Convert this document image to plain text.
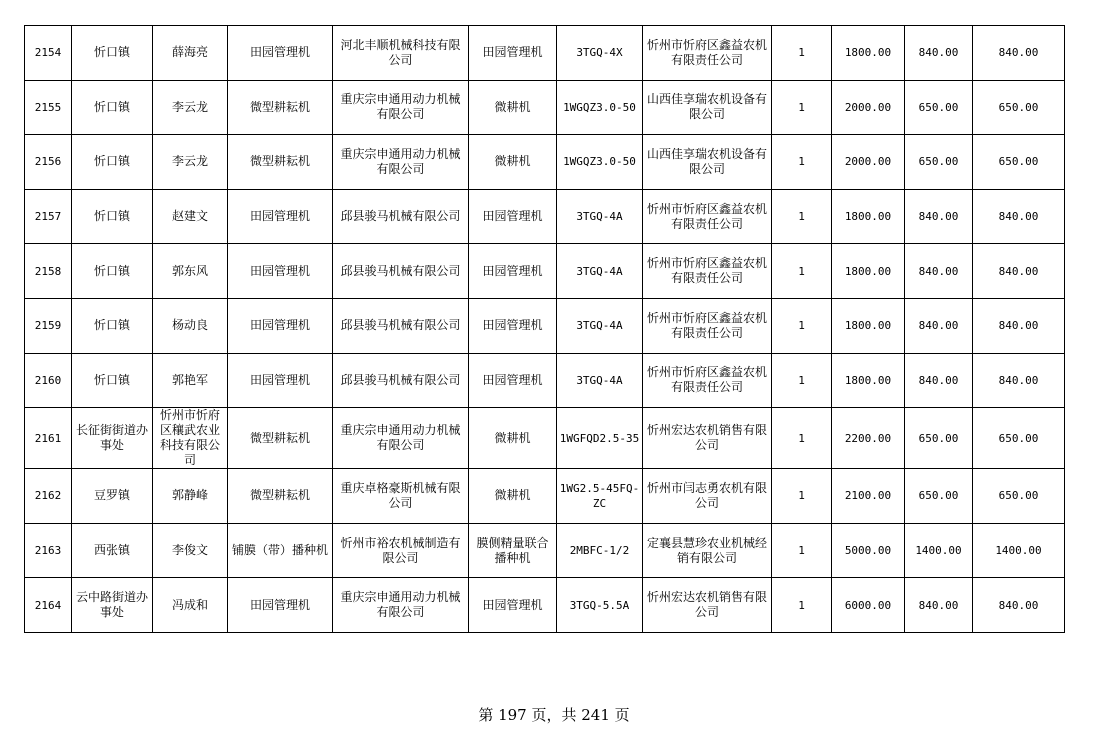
2154	忻口镇	薛海亮	田园管理机	河北丰顺机械科技有限公司	田园管理机	3TGQ-4X	忻州市忻府区鑫益农机有限责任公司	1	1800.00	840.00	840.00
2155	忻口镇	李云龙	微型耕耘机	重庆宗申通用动力机械有限公司	微耕机	1WGQZ3.0-50	山西佳享瑞农机设备有限公司	1	2000.00	650.00	650.00
2156	忻口镇	李云龙	微型耕耘机	重庆宗申通用动力机械有限公司	微耕机	1WGQZ3.0-50	山西佳享瑞农机设备有限公司	1	2000.00	650.00	650.00
2157	忻口镇	赵建文	田园管理机	邱县骏马机械有限公司	田园管理机	3TGQ-4A	忻州市忻府区鑫益农机有限责任公司	1	1800.00	840.00	840.00
2158	忻口镇	郭东风	田园管理机	邱县骏马机械有限公司	田园管理机	3TGQ-4A	忻州市忻府区鑫益农机有限责任公司	1	1800.00	840.00	840.00
2159	忻口镇	杨动良	田园管理机	邱县骏马机械有限公司	田园管理机	3TGQ-4A	忻州市忻府区鑫益农机有限责任公司	1	1800.00	840.00	840.00
2160	忻口镇	郭艳军	田园管理机	邱县骏马机械有限公司	田园管理机	3TGQ-4A	忻州市忻府区鑫益农机有限责任公司	1	1800.00	840.00	840.00
2161	长征街街道办事处	忻州市忻府区穰武农业科技有限公司	微型耕耘机	重庆宗申通用动力机械有限公司	微耕机	1WGFQD2.5-35	忻州宏达农机销售有限公司	1	2200.00	650.00	650.00
2162	豆罗镇	郭静峰	微型耕耘机	重庆卓格豪斯机械有限公司	微耕机	1WG2.5-45FQ-ZC	忻州市闫志勇农机有限公司	1	2100.00	650.00	650.00
2163	西张镇	李俊文	铺膜（带）播种机	忻州市裕农机械制造有限公司	膜侧精量联合播种机	2MBFC-1/2	定襄县慧珍农业机械经销有限公司	1	5000.00	1400.00	1400.00
2164	云中路街道办事处	冯成和	田园管理机	重庆宗申通用动力机械有限公司	田园管理机	3TGQ-5.5A	忻州宏达农机销售有限公司	1	6000.00	840.00	840.00
第 197 页，共 241 页
